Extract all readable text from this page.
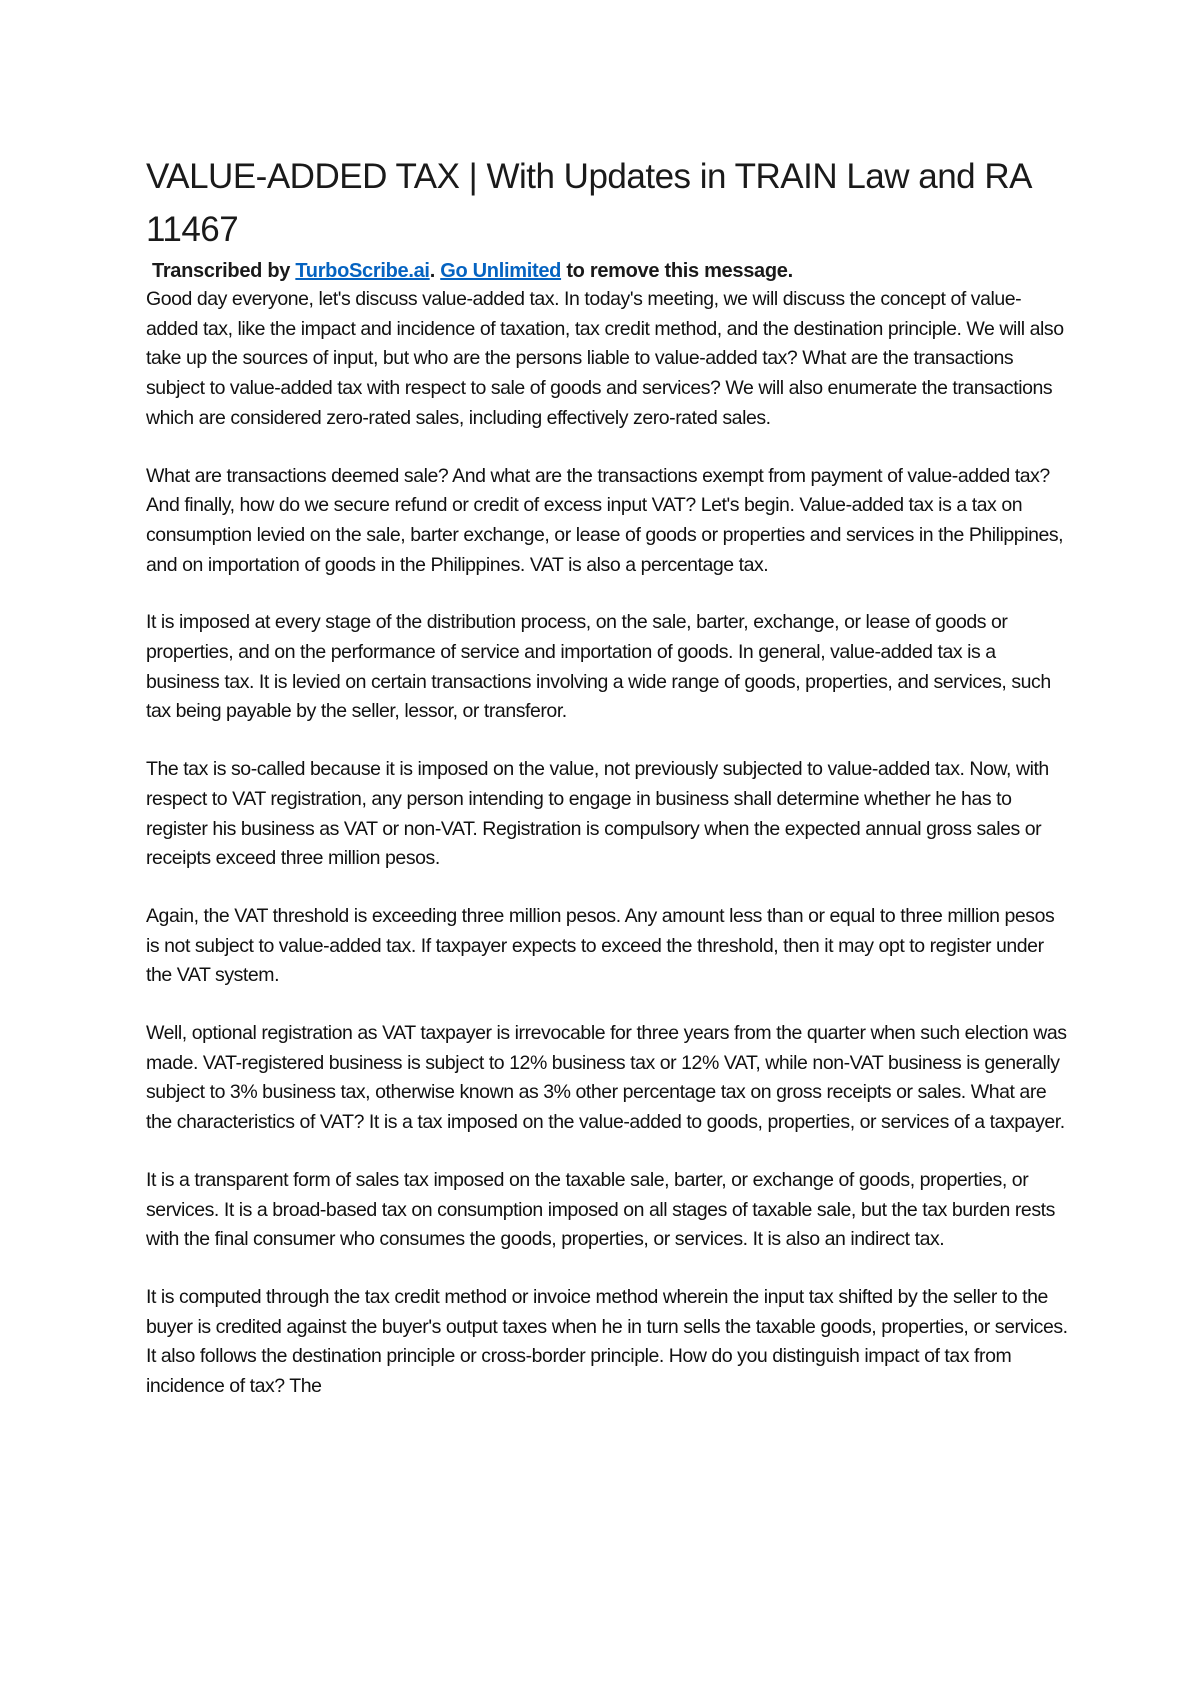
VALUE-ADDED TAX | With Updates in TRAIN Law and RA 11467
Transcribed by TurboScribe.ai. Go Unlimited to remove this message.

Good day everyone, let's discuss value-added tax. In today's meeting, we will discuss the concept of value-added tax, like the impact and incidence of taxation, tax credit method, and the destination principle. We will also take up the sources of input, but who are the persons liable to value-added tax? What are the transactions subject to value-added tax with respect to sale of goods and services? We will also enumerate the transactions which are considered zero-rated sales, including effectively zero-rated sales.

What are transactions deemed sale? And what are the transactions exempt from payment of value-added tax? And finally, how do we secure refund or credit of excess input VAT? Let's begin. Value-added tax is a tax on consumption levied on the sale, barter exchange, or lease of goods or properties and services in the Philippines, and on importation of goods in the Philippines. VAT is also a percentage tax.

It is imposed at every stage of the distribution process, on the sale, barter, exchange, or lease of goods or properties, and on the performance of service and importation of goods. In general, value-added tax is a business tax. It is levied on certain transactions involving a wide range of goods, properties, and services, such tax being payable by the seller, lessor, or transferor.

The tax is so-called because it is imposed on the value, not previously subjected to value-added tax. Now, with respect to VAT registration, any person intending to engage in business shall determine whether he has to register his business as VAT or non-VAT. Registration is compulsory when the expected annual gross sales or receipts exceed three million pesos.

Again, the VAT threshold is exceeding three million pesos. Any amount less than or equal to three million pesos is not subject to value-added tax. If taxpayer expects to exceed the threshold, then it may opt to register under the VAT system.

Well, optional registration as VAT taxpayer is irrevocable for three years from the quarter when such election was made. VAT-registered business is subject to 12% business tax or 12% VAT, while non-VAT business is generally subject to 3% business tax, otherwise known as 3% other percentage tax on gross receipts or sales. What are the characteristics of VAT? It is a tax imposed on the value-added to goods, properties, or services of a taxpayer.

It is a transparent form of sales tax imposed on the taxable sale, barter, or exchange of goods, properties, or services. It is a broad-based tax on consumption imposed on all stages of taxable sale, but the tax burden rests with the final consumer who consumes the goods, properties, or services. It is also an indirect tax.

It is computed through the tax credit method or invoice method wherein the input tax shifted by the seller to the buyer is credited against the buyer's output taxes when he in turn sells the taxable goods, properties, or services. It also follows the destination principle or cross-border principle. How do you distinguish impact of tax from incidence of tax? The
